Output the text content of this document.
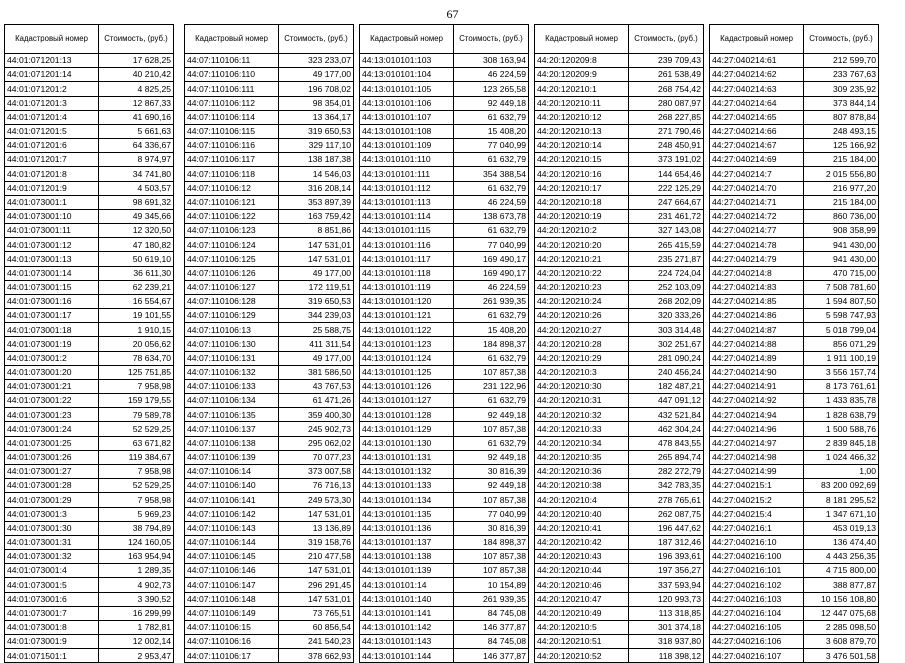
67
Кадастровый номер	Стоимость, (руб.)
44:01:071201:13	17 628,25
44:01:071201:14	40 210,42
44:01:071201:2	4 825,25
44:01:071201:3	12 867,33
44:01:071201:4	41 690,16
44:01:071201:5	5 661,63
44:01:071201:6	64 336,67
44:01:071201:7	8 974,97
44:01:071201:8	34 741,80
44:01:071201:9	4 503,57
44:01:073001:1	98 691,32
44:01:073001:10	49 345,66
44:01:073001:11	12 320,50
44:01:073001:12	47 180,82
44:01:073001:13	50 619,10
44:01:073001:14	36 611,30
44:01:073001:15	62 239,21
44:01:073001:16	16 554,67
44:01:073001:17	19 101,55
44:01:073001:18	1 910,15
44:01:073001:19	20 056,62
44:01:073001:2	78 634,70
44:01:073001:20	125 751,85
44:01:073001:21	7 958,98
44:01:073001:22	159 179,55
44:01:073001:23	79 589,78
44:01:073001:24	52 529,25
44:01:073001:25	63 671,82
44:01:073001:26	119 384,67
44:01:073001:27	7 958,98
44:01:073001:28	52 529,25
44:01:073001:29	7 958,98
44:01:073001:3	5 969,23
44:01:073001:30	38 794,89
44:01:073001:31	124 160,05
44:01:073001:32	163 954,94
44:01:073001:4	1 289,35
44:01:073001:5	4 902,73
44:01:073001:6	3 390,52
44:01:073001:7	16 299,99
44:01:073001:8	1 782,81
44:01:073001:9	12 002,14
44:01:071501:1	2 953,47
Кадастровый номер	Стоимость, (руб.)
44:07:110106:11	323 233,07
44:07:110106:110	49 177,00
44:07:110106:111	196 708,02
44:07:110106:112	98 354,01
44:07:110106:114	13 364,17
44:07:110106:115	319 650,53
44:07:110106:116	329 117,10
44:07:110106:117	138 187,38
44:07:110106:118	14 546,03
44:07:110106:12	316 208,14
44:07:110106:121	353 897,39
44:07:110106:122	163 759,42
44:07:110106:123	8 851,86
44:07:110106:124	147 531,01
44:07:110106:125	147 531,01
44:07:110106:126	49 177,00
44:07:110106:127	172 119,51
44:07:110106:128	319 650,53
44:07:110106:129	344 239,03
44:07:110106:13	25 588,75
44:07:110106:130	411 311,54
44:07:110106:131	49 177,00
44:07:110106:132	381 586,50
44:07:110106:133	43 767,53
44:07:110106:134	61 471,26
44:07:110106:135	359 400,30
44:07:110106:137	245 902,73
44:07:110106:138	295 062,02
44:07:110106:139	70 077,23
44:07:110106:14	373 007,58
44:07:110106:140	76 716,13
44:07:110106:141	249 573,30
44:07:110106:142	147 531,01
44:07:110106:143	13 136,89
44:07:110106:144	319 158,76
44:07:110106:145	210 477,58
44:07:110106:146	147 531,01
44:07:110106:147	296 291,45
44:07:110106:148	147 531,01
44:07:110106:149	73 765,51
44:07:110106:15	60 856,54
44:07:110106:16	241 540,23
44:07:110106:17	378 662,93
Кадастровый номер	Стоимость, (руб.)
44:13:010101:103	308 163,94
44:13:010101:104	46 224,59
44:13:010101:105	123 265,58
44:13:010101:106	92 449,18
44:13:010101:107	61 632,79
44:13:010101:108	15 408,20
44:13:010101:109	77 040,99
44:13:010101:110	61 632,79
44:13:010101:111	354 388,54
44:13:010101:112	61 632,79
44:13:010101:113	46 224,59
44:13:010101:114	138 673,78
44:13:010101:115	61 632,79
44:13:010101:116	77 040,99
44:13:010101:117	169 490,17
44:13:010101:118	169 490,17
44:13:010101:119	46 224,59
44:13:010101:120	261 939,35
44:13:010101:121	61 632,79
44:13:010101:122	15 408,20
44:13:010101:123	184 898,37
44:13:010101:124	61 632,79
44:13:010101:125	107 857,38
44:13:010101:126	231 122,96
44:13:010101:127	61 632,79
44:13:010101:128	92 449,18
44:13:010101:129	107 857,38
44:13:010101:130	61 632,79
44:13:010101:131	92 449,18
44:13:010101:132	30 816,39
44:13:010101:133	92 449,18
44:13:010101:134	107 857,38
44:13:010101:135	77 040,99
44:13:010101:136	30 816,39
44:13:010101:137	184 898,37
44:13:010101:138	107 857,38
44:13:010101:139	107 857,38
44:13:010101:14	10 154,89
44:13:010101:140	261 939,35
44:13:010101:141	84 745,08
44:13:010101:142	146 377,87
44:13:010101:143	84 745,08
44:13:010101:144	146 377,87
Кадастровый номер	Стоимость, (руб.)
44:20:120209:8	239 709,43
44:20:120209:9	261 538,49
44:20:120210:1	268 754,42
44:20:120210:11	280 087,97
44:20:120210:12	268 227,85
44:20:120210:13	271 790,46
44:20:120210:14	248 450,91
44:20:120210:15	373 191,02
44:20:120210:16	144 654,46
44:20:120210:17	222 125,29
44:20:120210:18	247 664,67
44:20:120210:19	231 461,72
44:20:120210:2	327 143,08
44:20:120210:20	265 415,59
44:20:120210:21	235 271,87
44:20:120210:22	224 724,04
44:20:120210:23	252 103,09
44:20:120210:24	268 202,09
44:20:120210:26	320 333,26
44:20:120210:27	303 314,48
44:20:120210:28	302 251,67
44:20:120210:29	281 090,24
44:20:120210:3	240 456,24
44:20:120210:30	182 487,21
44:20:120210:31	447 091,12
44:20:120210:32	432 521,84
44:20:120210:33	462 304,24
44:20:120210:34	478 843,55
44:20:120210:35	265 894,74
44:20:120210:36	282 272,79
44:20:120210:38	342 783,35
44:20:120210:4	278 765,61
44:20:120210:40	262 087,75
44:20:120210:41	196 447,62
44:20:120210:42	187 312,46
44:20:120210:43	196 393,61
44:20:120210:44	197 356,27
44:20:120210:46	337 593,94
44:20:120210:47	120 993,73
44:20:120210:49	113 318,85
44:20:120210:5	301 374,18
44:20:120210:51	318 937,80
44:20:120210:52	118 398,12
Кадастровый номер	Стоимость, (руб.)
44:27:040214:61	212 599,70
44:27:040214:62	233 767,63
44:27:040214:63	309 235,92
44:27:040214:64	373 844,14
44:27:040214:65	807 878,84
44:27:040214:66	248 493,15
44:27:040214:67	125 166,92
44:27:040214:69	215 184,00
44:27:040214:7	2 015 556,80
44:27:040214:70	216 977,20
44:27:040214:71	215 184,00
44:27:040214:72	860 736,00
44:27:040214:77	908 358,99
44:27:040214:78	941 430,00
44:27:040214:79	941 430,00
44:27:040214:8	470 715,00
44:27:040214:83	7 508 781,60
44:27:040214:85	1 594 807,50
44:27:040214:86	5 598 747,93
44:27:040214:87	5 018 799,04
44:27:040214:88	856 071,29
44:27:040214:89	1 911 100,19
44:27:040214:90	3 556 157,74
44:27:040214:91	8 173 761,61
44:27:040214:92	1 433 835,78
44:27:040214:94	1 828 638,79
44:27:040214:96	1 500 588,76
44:27:040214:97	2 839 845,18
44:27:040214:98	1 024 466,32
44:27:040214:99	1,00
44:27:040215:1	83 200 092,69
44:27:040215:2	8 181 295,52
44:27:040215:4	1 347 671,10
44:27:040216:1	453 019,13
44:27:040216:10	136 474,40
44:27:040216:100	4 443 256,35
44:27:040216:101	4 715 800,00
44:27:040216:102	388 877,87
44:27:040216:103	10 156 108,80
44:27:040216:104	12 447 075,68
44:27:040216:105	2 285 098,50
44:27:040216:106	3 608 879,70
44:27:040216:107	3 476 501,58
